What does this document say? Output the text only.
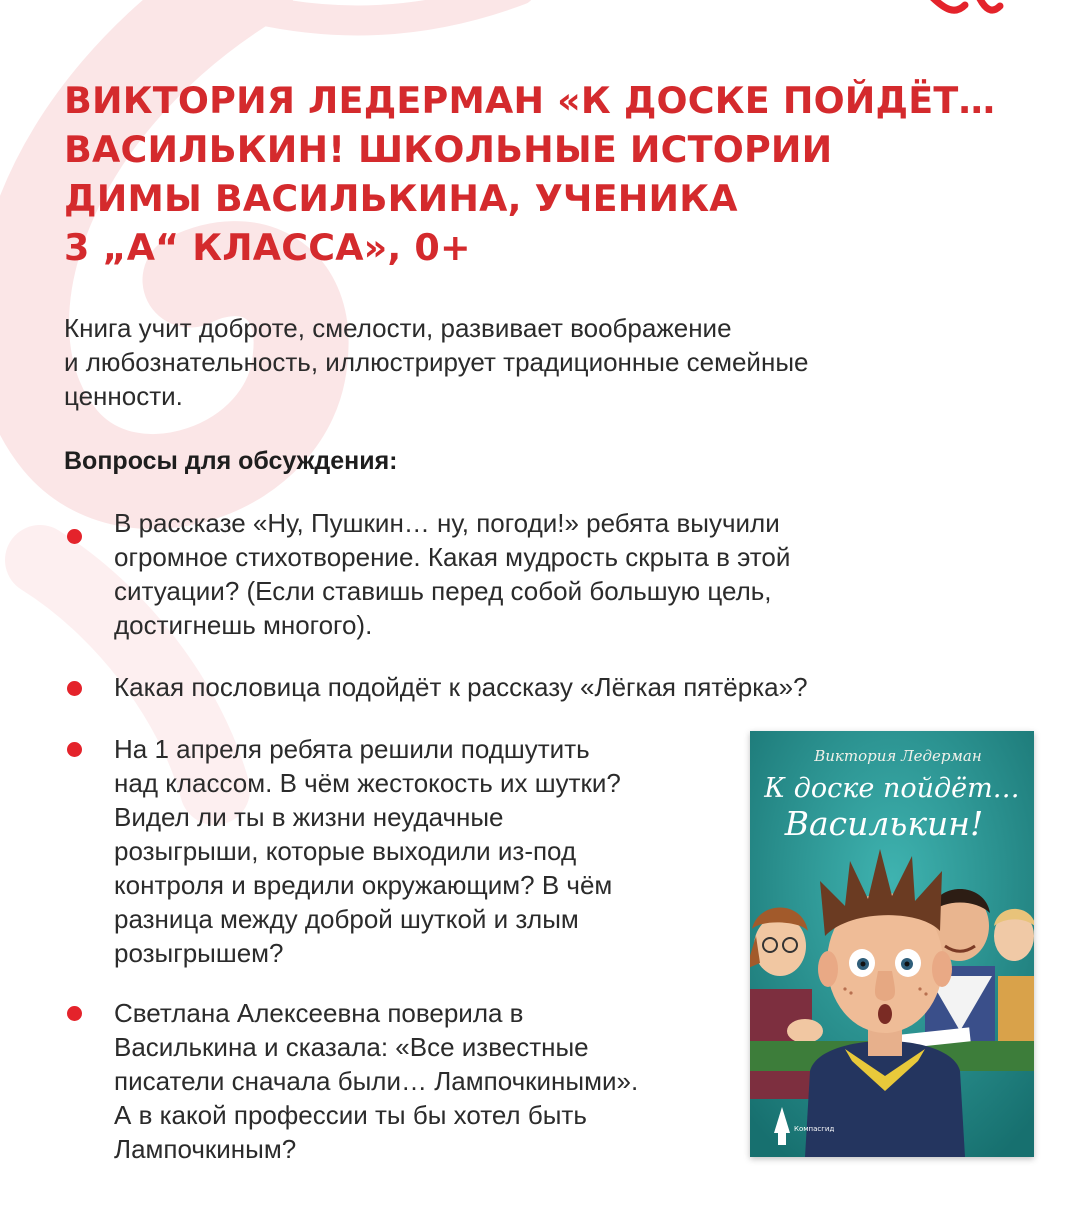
ВИКТОРИЯ ЛЕДЕРМАН «К ДОСКЕ ПОЙДЁТ…
ВАСИЛЬКИН! ШКОЛЬНЫЕ ИСТОРИИ
ДИМЫ ВАСИЛЬКИНА, УЧЕНИКА
3 „А“ КЛАССА», 0+

Книга учит доброте, смелости, развивает воображение
и любознательность, иллюстрирует традиционные семейные
ценности.

Вопросы для обсуждения:
В рассказе «Ну, Пушкин… ну, погоди!» ребята выучили
огромное стихотворение. Какая мудрость скрыта в этой
ситуации? (Если ставишь перед собой большую цель,
достигнешь многого).
Какая пословица подойдёт к рассказу «Лёгкая пятёрка»?
На 1 апреля ребята решили подшутить
над классом. В чём жестокость их шутки?
Видел ли ты в жизни неудачные
розыгрыши, которые выходили из-под
контроля и вредили окружающим? В чём
разница между доброй шуткой и злым
розыгрышем?
Светлана Алексеевна поверила в
Василькина и сказала: «Все известные
писатели сначала были… Лампочкиными».
А в какой профессии ты бы хотел быть
Лампочкиным?
Виктория Ледерман
К доске пойдёт…
Василькин!
Компасгид
